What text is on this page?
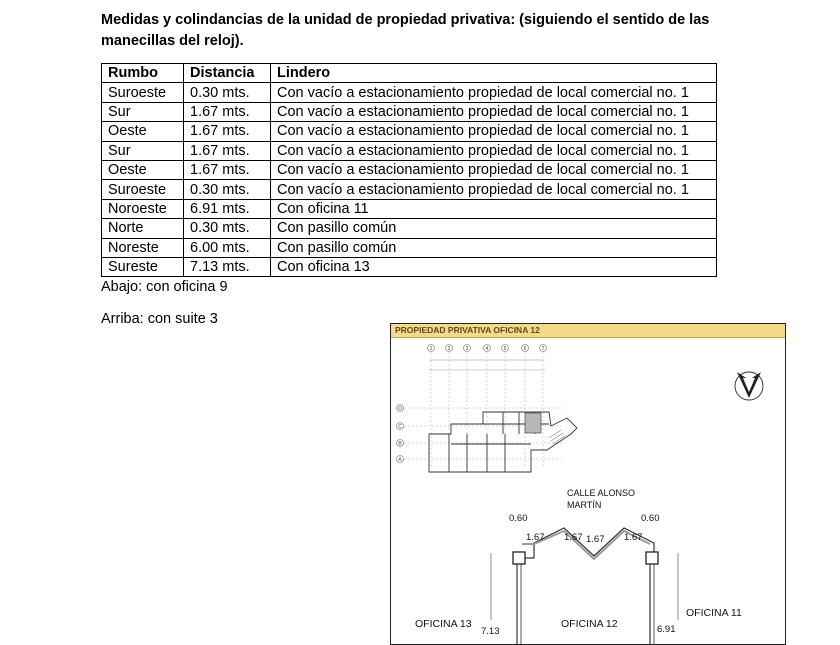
Medidas y colindancias de la unidad de propiedad privativa: (siguiendo el sentido de las manecillas del reloj).
Rumbo	Distancia	Lindero
Suroeste	0.30 mts.	Con vacío a estacionamiento propiedad de local comercial no. 1
Sur	1.67 mts.	Con vacío a estacionamiento propiedad de local comercial no. 1
Oeste	1.67 mts.	Con vacío a estacionamiento propiedad de local comercial no. 1
Sur	1.67 mts.	Con vacío a estacionamiento propiedad de local comercial no. 1
Oeste	1.67 mts.	Con vacío a estacionamiento propiedad de local comercial no. 1
Suroeste	0.30 mts.	Con vacío a estacionamiento propiedad de local comercial no. 1
Noroeste	6.91 mts.	Con oficina 11
Norte	0.30 mts.	Con pasillo común
Noreste	6.00 mts.	Con pasillo común
Sureste	7.13 mts.	Con oficina 13
Abajo: con oficina 9
Arriba: con suite 3
PROPIEDAD PRIVATIVA OFICINA 12
1	2	3	4	5	6	7
D
C
B
A
CALLE ALONSO
MARTÍN
0.60	0.60
1.67 1.67 1.67 1.67
7.13	6.91
OFICINA 13	OFICINA 12
OFICINA 11
